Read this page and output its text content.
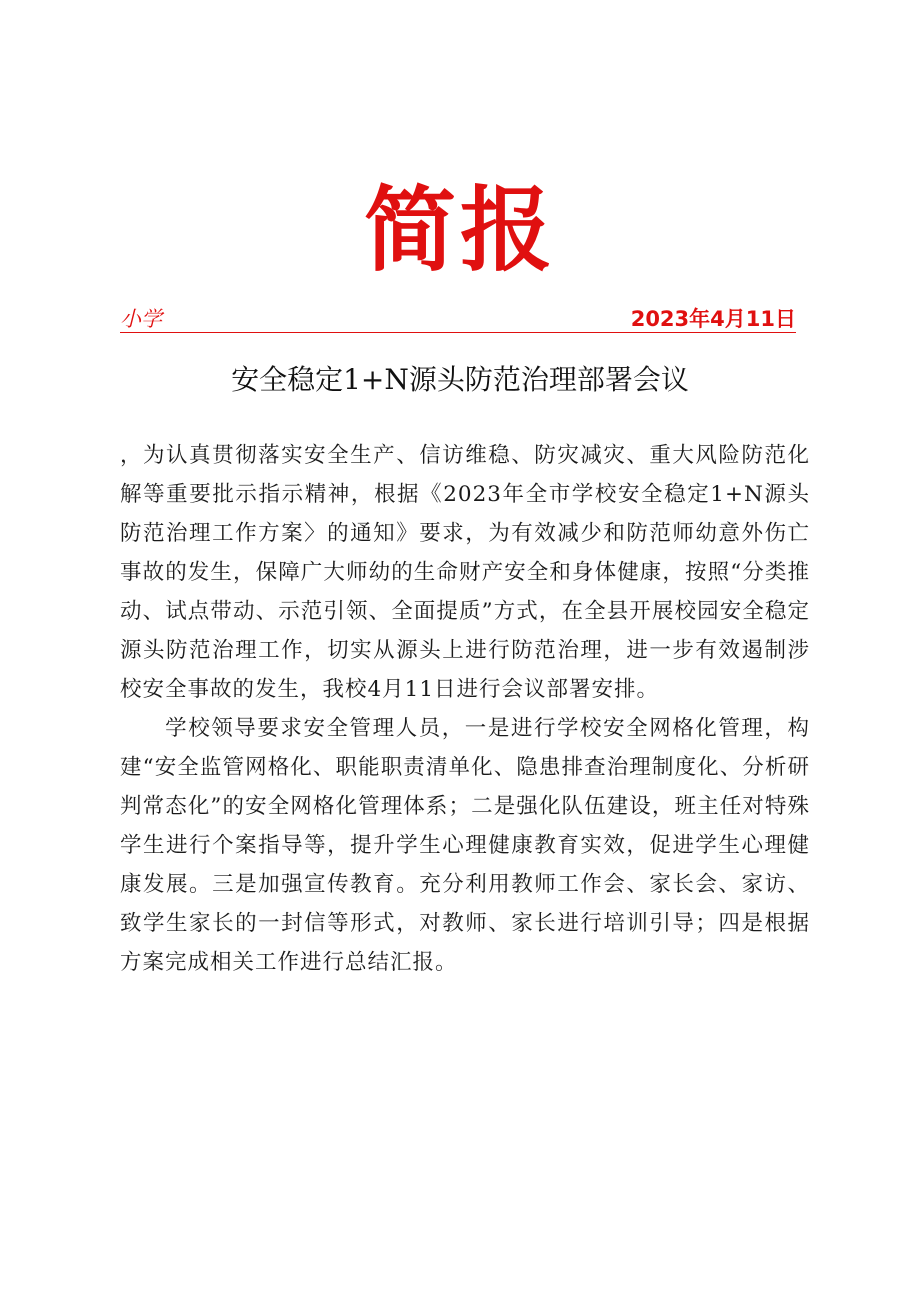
简报
小学	2023年4月11日
安全稳定1+N源头防范治理部署会议

，为认真贯彻落实安全生产、信访维稳、防灾减灾、重大风险防范化解等重要批示指示精神，根据《2023年全市学校安全稳定1+N源头防范治理工作方案〉的通知》要求，为有效减少和防范师幼意外伤亡事故的发生，保障广大师幼的生命财产安全和身体健康，按照“分类推动、试点带动、示范引领、全面提质”方式，在全县开展校园安全稳定源头防范治理工作，切实从源头上进行防范治理，进一步有效遏制涉校安全事故的发生，我校4月11日进行会议部署安排。

学校领导要求安全管理人员，一是进行学校安全网格化管理，构建“安全监管网格化、职能职责清单化、隐患排查治理制度化、分析研判常态化”的安全网格化管理体系；二是强化队伍建设，班主任对特殊学生进行个案指导等，提升学生心理健康教育实效，促进学生心理健康发展。三是加强宣传教育。充分利用教师工作会、家长会、家访、致学生家长的一封信等形式，对教师、家长进行培训引导；四是根据方案完成相关工作进行总结汇报。
